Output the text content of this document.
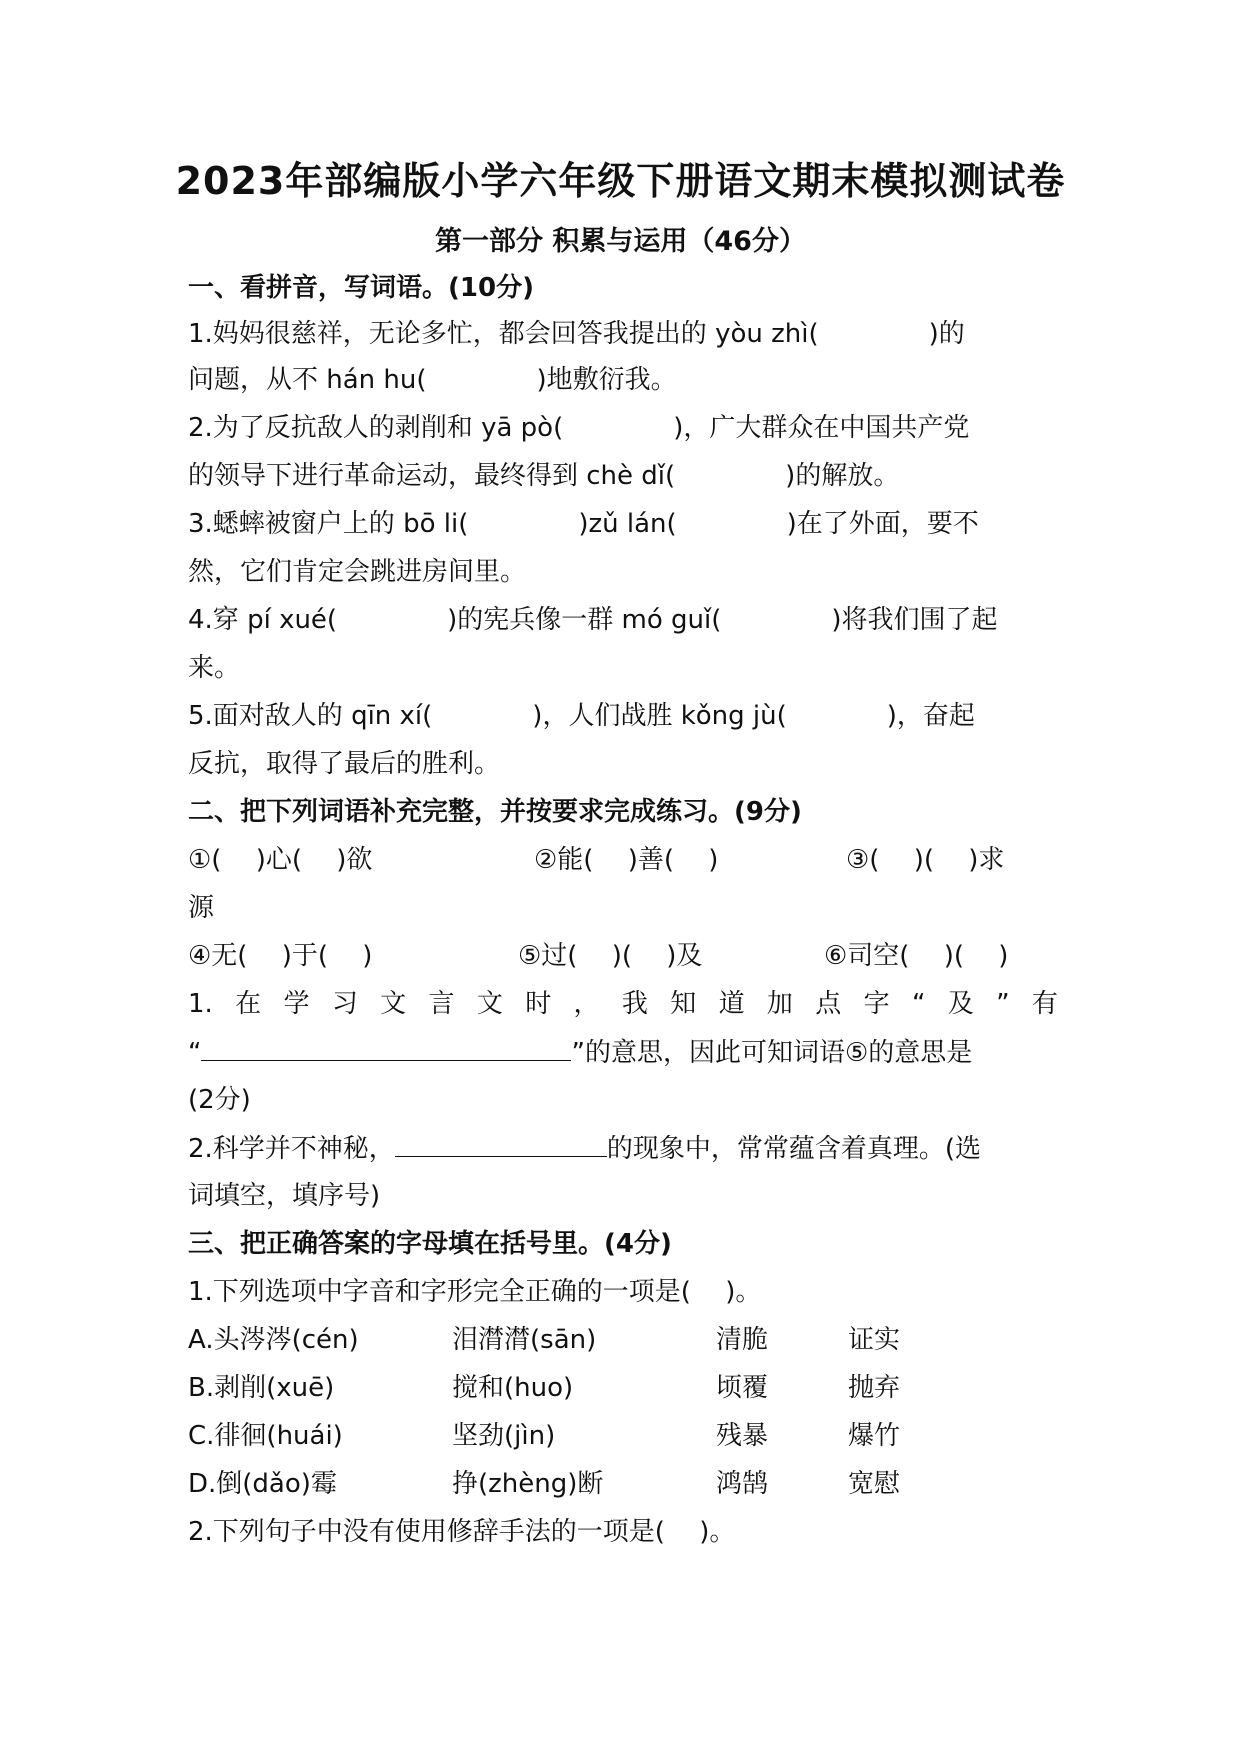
2023年部编版小学六年级下册语文期末模拟测试卷
第一部分 积累与运用（46分）
一、看拼音，写词语。(10分)
1.妈妈很慈祥，无论多忙，都会回答我提出的 yòu zhì(	)的
问题，从不 hán hu(	)地敷衍我。
2.为了反抗敌人的剥削和 yā pò(	)，广大群众在中国共产党
的领导下进行革命运动，最终得到 chè dǐ(	)的解放。
3.蟋蟀被窗户上的 bō li(	)zǔ lán(	)在了外面，要不
然，它们肯定会跳进房间里。
4.穿 pí xué(	)的宪兵像一群 mó guǐ(	)将我们围了起
来。
5.面对敌人的 qīn xí(	)，人们战胜 kǒng jù(	)，奋起
反抗，取得了最后的胜利。
二、把下列词语补充完整，并按要求完成练习。(9分)
①(　 )心(　 )欲	②能(　 )善(　 )	③(　 )(　 )求
源
④无(　 )于(　 )	⑤过(　 )(　 )及	⑥司空(　 )(　 )
1. 在 学 习 文 言 文 时 ， 我 知 道 加 点 字 “ 及 ” 有
“	”的意思，因此可知词语⑤的意思是
(2分)
2.科学并不神秘，	的现象中，常常蕴含着真理。(选
词填空，填序号)
三、把正确答案的字母填在括号里。(4分)
1.下列选项中字音和字形完全正确的一项是(　 )。
A.头涔涔(cén)	泪潸潸(sān)	清脆	证实
B.剥削(xuē)	搅和(huo)	顷覆	抛弃
C.徘徊(huái)	坚劲(jìn)	残暴	爆竹
D.倒(dǎo)霉	挣(zhèng)断	鸿鹄	宽慰
2.下列句子中没有使用修辞手法的一项是(　 )。
